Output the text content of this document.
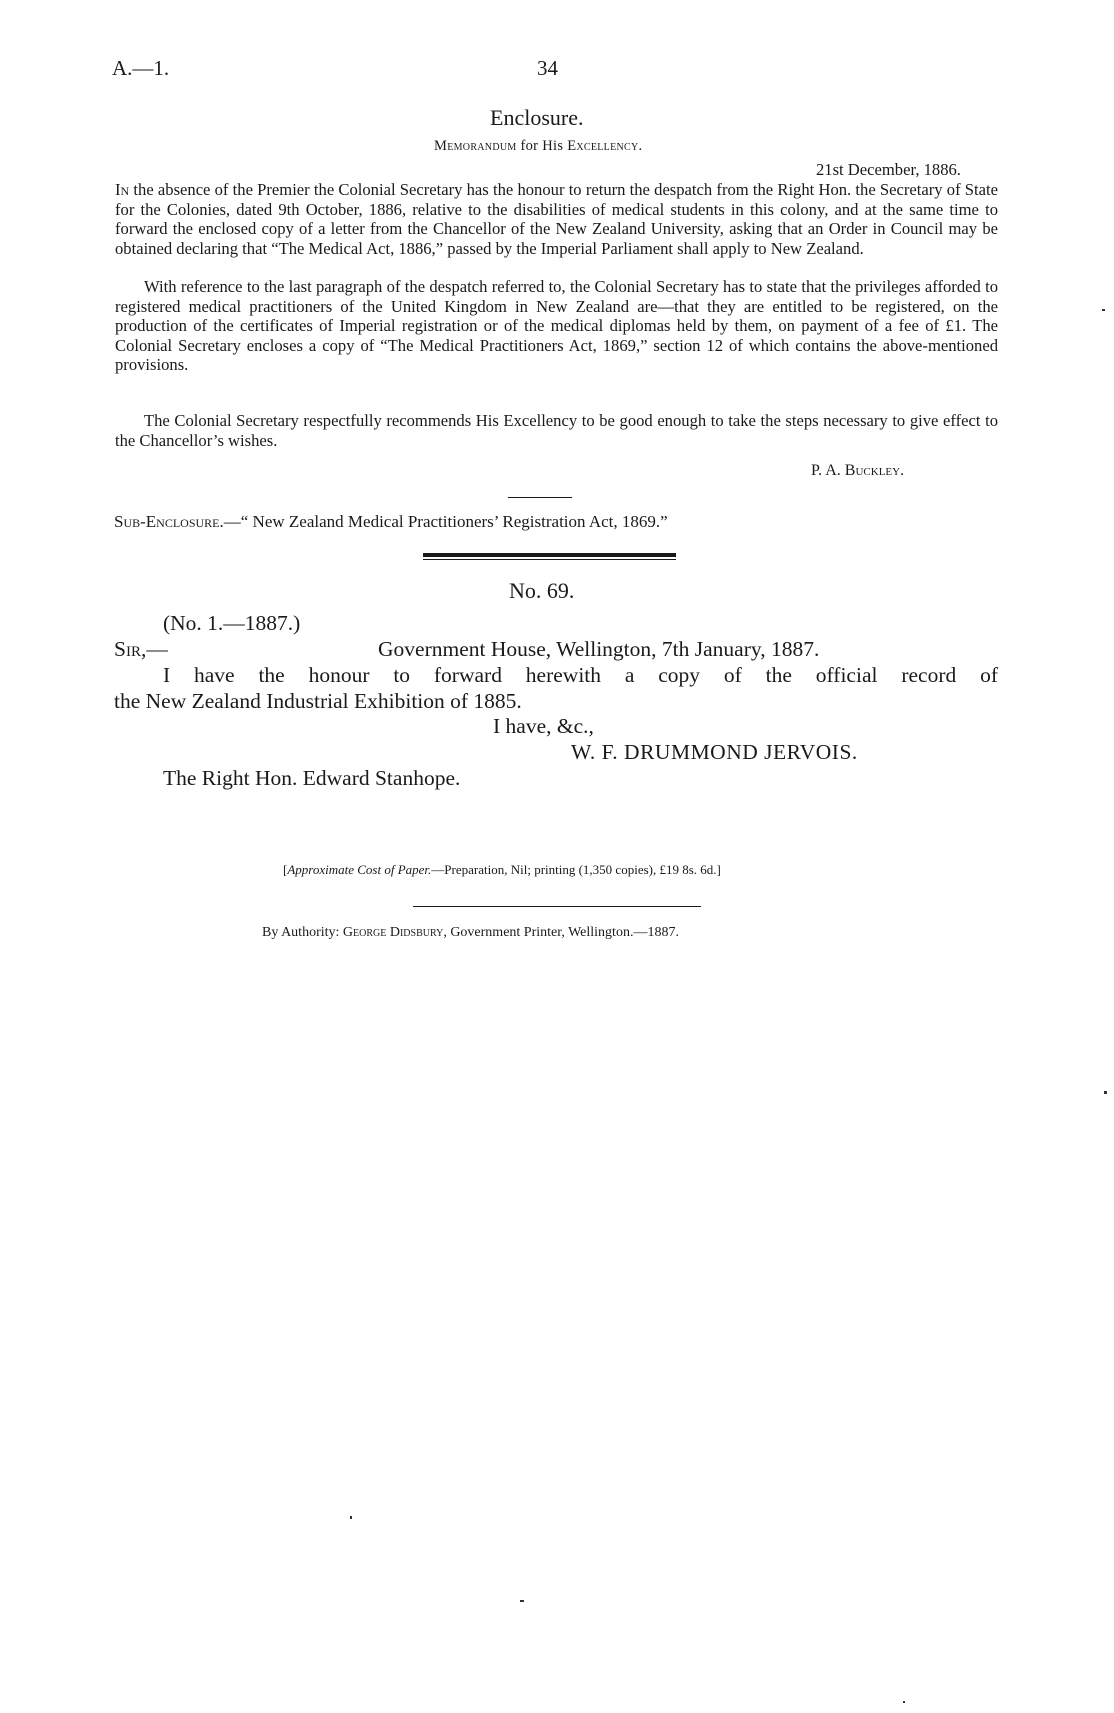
A.—1.	34
Enclosure.
Memorandum for His Excellency.
21st December, 1886.

In the absence of the Premier the Colonial Secretary has the honour to return the despatch from the Right Hon. the Secretary of State for the Colonies, dated 9th October, 1886, relative to the disabilities of medical students in this colony, and at the same time to forward the enclosed copy of a letter from the Chancellor of the New Zealand University, asking that an Order in Council may be obtained declaring that “The Medical Act, 1886,” passed by the Imperial Parliament shall apply to New Zealand.

With reference to the last paragraph of the despatch referred to, the Colonial Secretary has to state that the privileges afforded to registered medical practitioners of the United Kingdom in New Zealand are—that they are entitled to be registered, on the production of the certificates of Imperial registration or of the medical diplomas held by them, on payment of a fee of £1. The Colonial Secretary encloses a copy of “The Medical Practitioners Act, 1869,” section 12 of which contains the above-mentioned provisions.

The Colonial Secretary respectfully recommends His Excellency to be good enough to take the steps necessary to give effect to the Chancellor’s wishes.

P. A. Buckley.
Sub-Enclosure.—“ New Zealand Medical Practitioners’ Registration Act, 1869.”
No. 69.
(No. 1.—1887.)
Sir,—	Government House, Wellington, 7th January, 1887.
I have the honour to forward herewith a copy of the official record of
the New Zealand Industrial Exhibition of 1885.
I have, &c.,
W. F. DRUMMOND JERVOIS.
The Right Hon. Edward Stanhope.
[Approximate Cost of Paper.—Preparation, Nil; printing (1,350 copies), £19 8s. 6d.]
By Authority: George Didsbury, Government Printer, Wellington.—1887.
